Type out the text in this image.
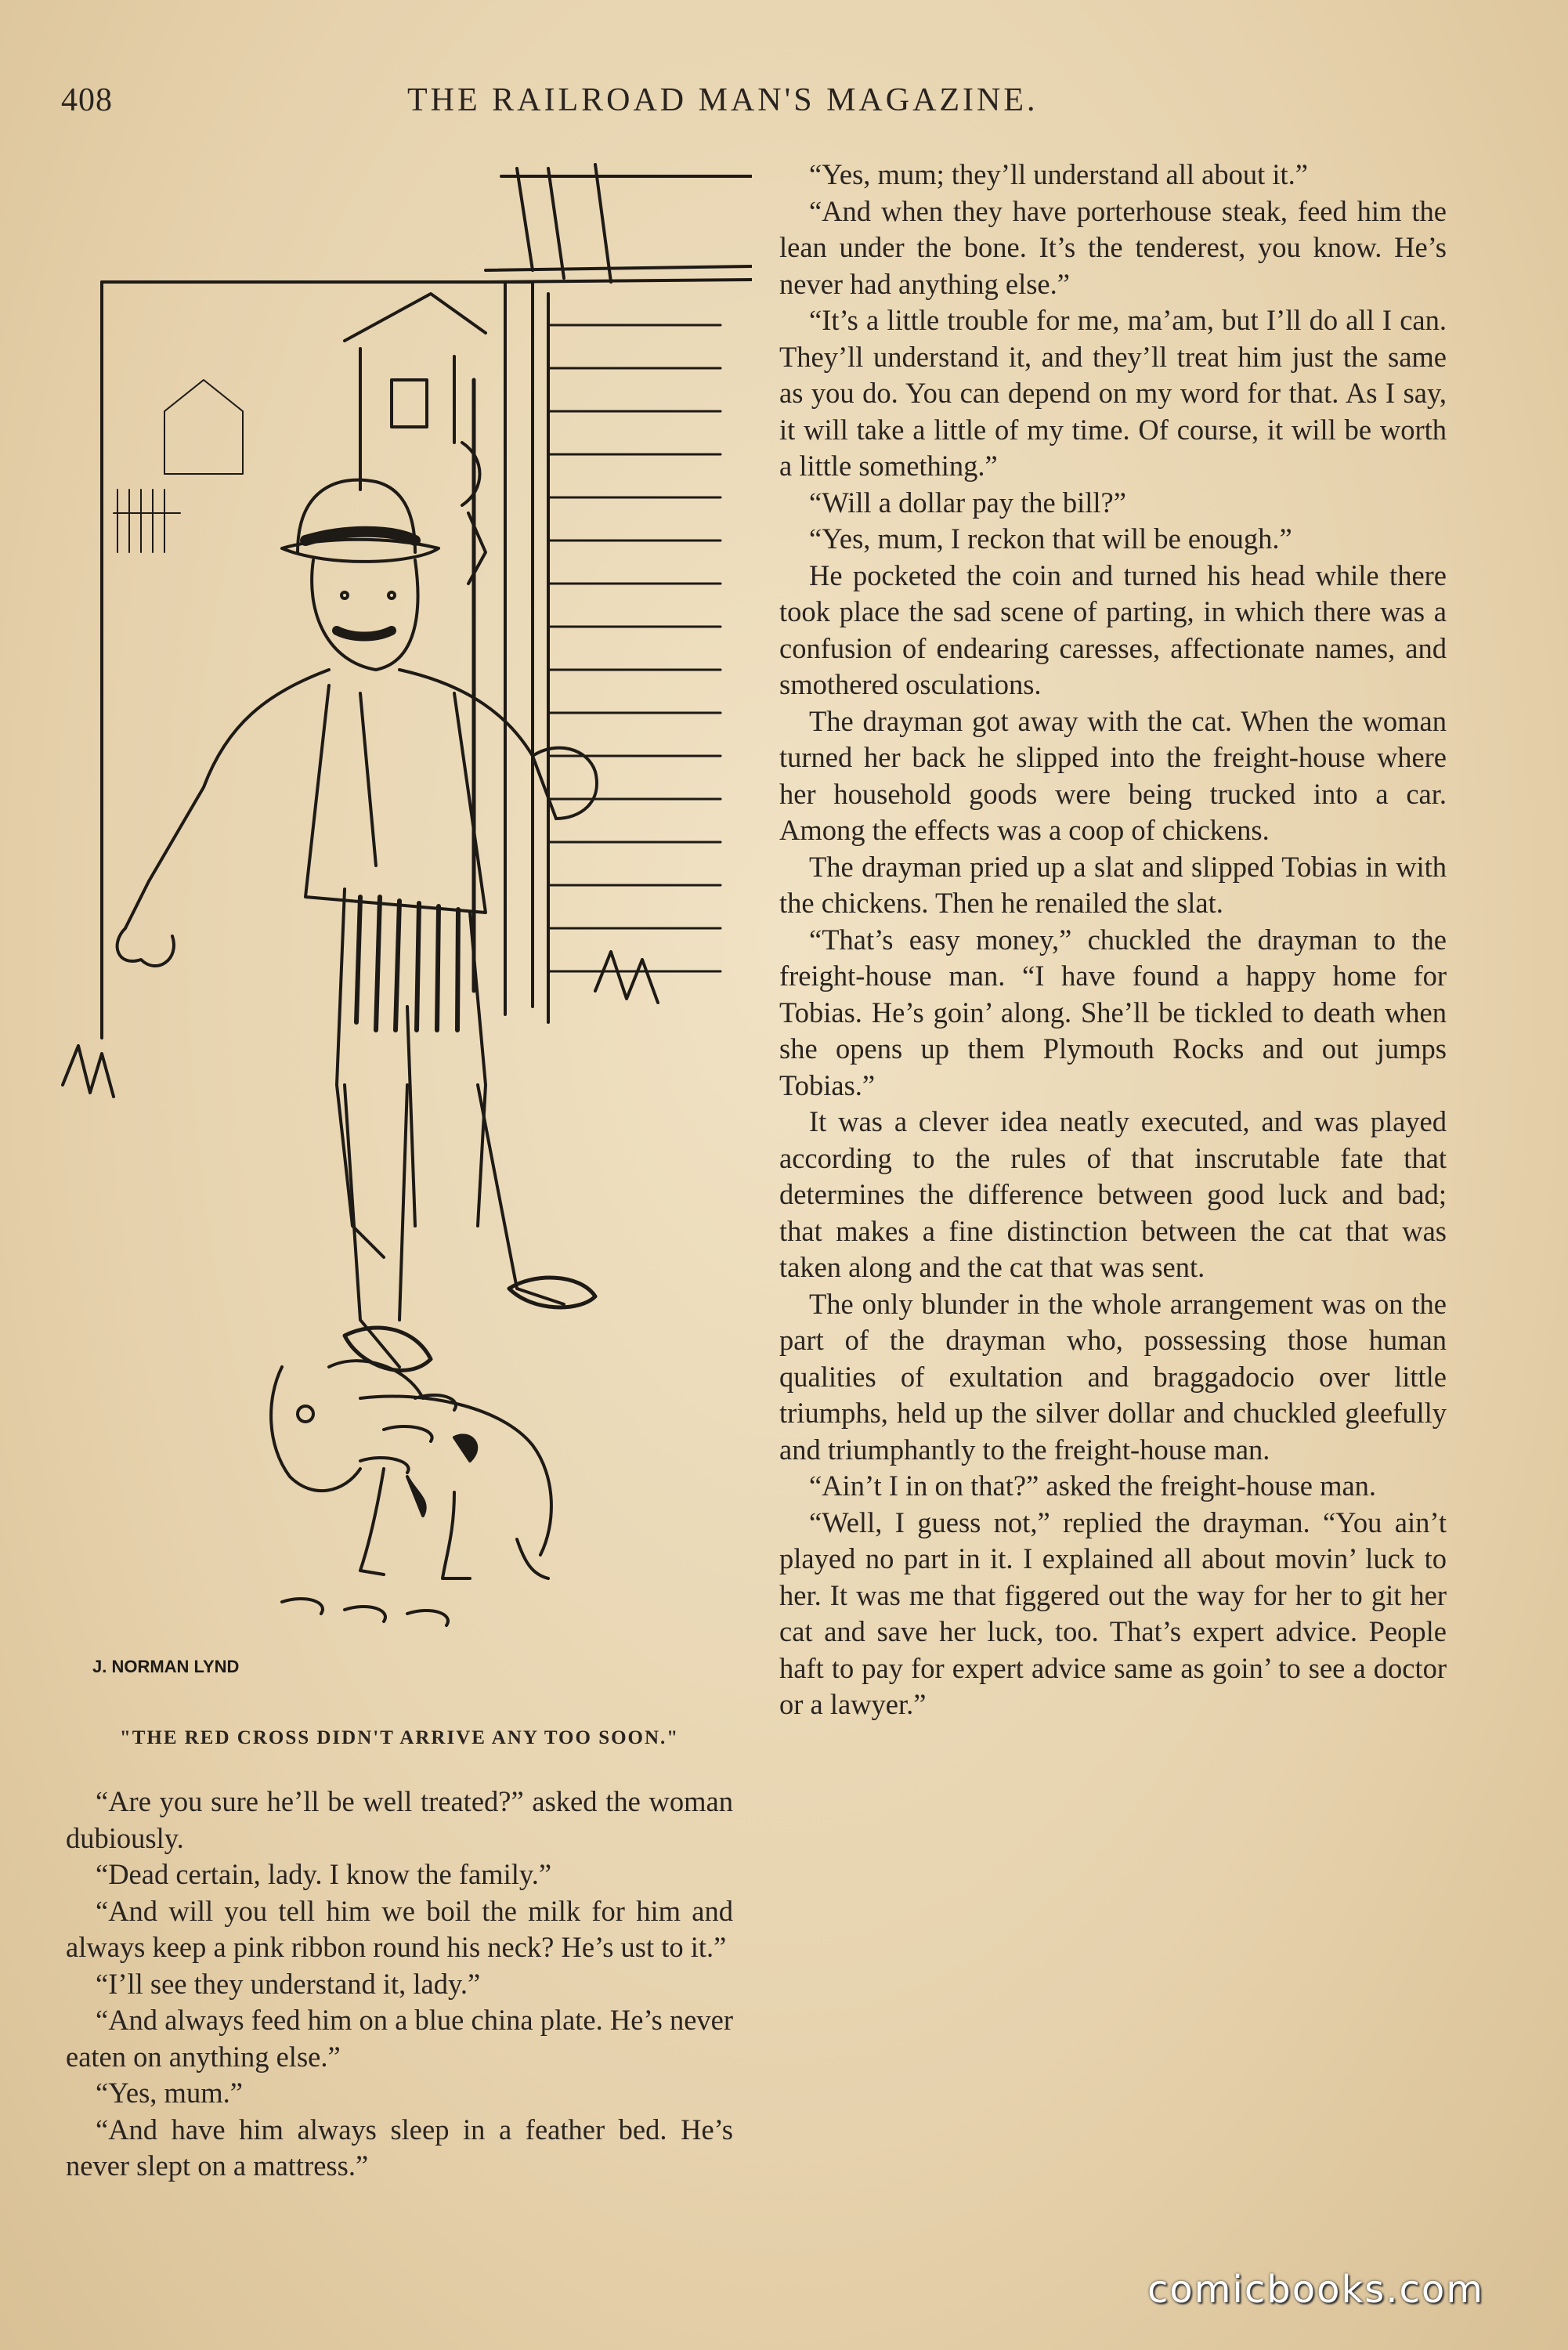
408	THE RAILROAD MAN'S MAGAZINE.
J. NORMAN LYND
"THE RED CROSS DIDN'T ARRIVE ANY TOO SOON."

“Are you sure he’ll be well treated?” asked the woman dubiously.

“Dead certain, lady. I know the family.”

“And will you tell him we boil the milk for him and always keep a pink ribbon round his neck? He’s ust to it.”

“I’ll see they understand it, lady.”

“And always feed him on a blue china plate. He’s never eaten on anything else.”

“Yes, mum.”

“And have him always sleep in a feather bed. He’s never slept on a mattress.”

“Yes, mum; they’ll understand all about it.”

“And when they have porterhouse steak, feed him the lean under the bone. It’s the tenderest, you know. He’s never had anything else.”

“It’s a little trouble for me, ma’am, but I’ll do all I can. They’ll understand it, and they’ll treat him just the same as you do. You can depend on my word for that. As I say, it will take a little of my time. Of course, it will be worth a little something.”

“Will a dollar pay the bill?”

“Yes, mum, I reckon that will be enough.”

He pocketed the coin and turned his head while there took place the sad scene of parting, in which there was a confusion of endearing caresses, affectionate names, and smothered osculations.

The drayman got away with the cat. When the woman turned her back he slipped into the freight-house where her household goods were being trucked into a car. Among the effects was a coop of chickens.

The drayman pried up a slat and slipped Tobias in with the chickens. Then he renailed the slat.

“That’s easy money,” chuckled the drayman to the freight-house man. “I have found a happy home for Tobias. He’s goin’ along. She’ll be tickled to death when she opens up them Plymouth Rocks and out jumps Tobias.”

It was a clever idea neatly executed, and was played according to the rules of that inscrutable fate that determines the difference between good luck and bad; that makes a fine distinction between the cat that was taken along and the cat that was sent.

The only blunder in the whole arrangement was on the part of the drayman who, possessing those human qualities of exultation and braggadocio over little triumphs, held up the silver dollar and chuckled gleefully and triumphantly to the freight-house man.

“Ain’t I in on that?” asked the freight-house man.

“Well, I guess not,” replied the drayman. “You ain’t played no part in it. I explained all about movin’ luck to her. It was me that figgered out the way for her to git her cat and save her luck, too. That’s expert advice. People haft to pay for expert advice same as goin’ to see a doctor or a lawyer.”

comicbooks.com
